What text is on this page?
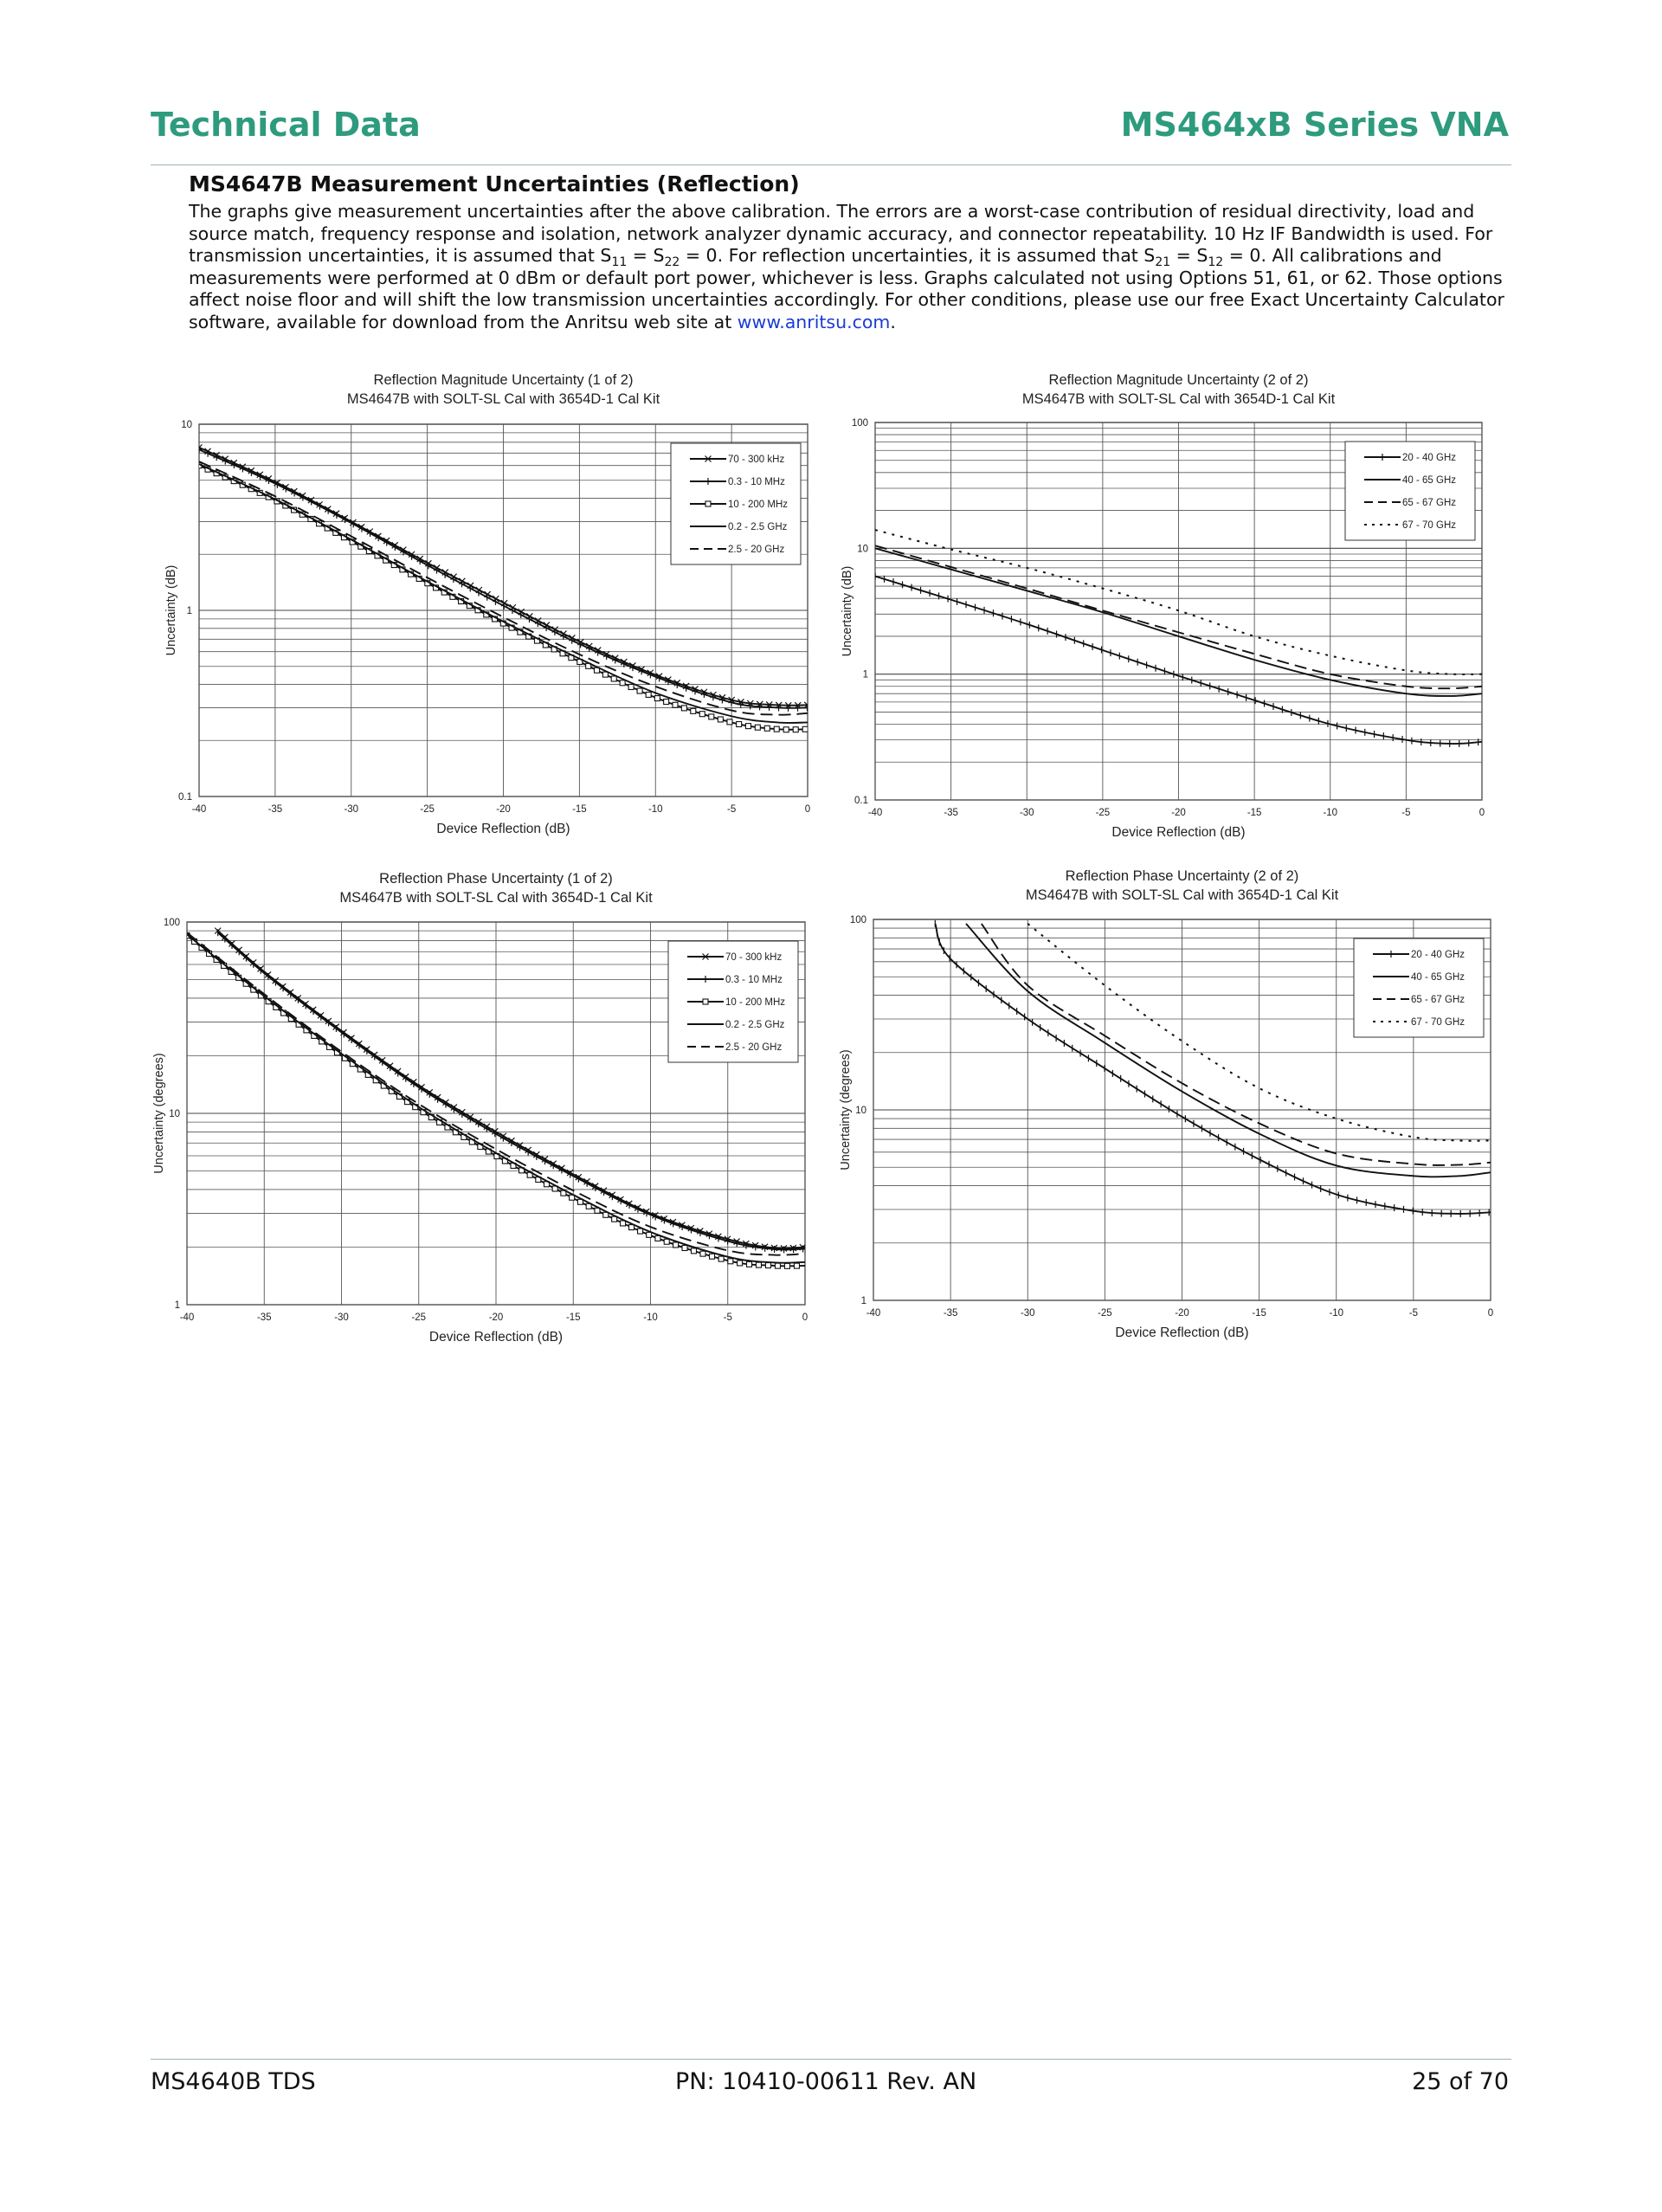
Technical Data	MS464xB Series VNA
MS4647B Measurement Uncertainties (Reflection)
The graphs give measurement uncertainties after the above calibration. The errors are a worst-case contribution of residual directivity, load and source match, frequency response and isolation, network analyzer dynamic accuracy, and connector repeatability. 10 Hz IF Bandwidth is used. For transmission uncertainties, it is assumed that $S_{11} = S_{22} = 0$. For reflection uncertainties, it is assumed that $S_{21} = S_{12} = 0$. All calibrations and measurements were performed at 0 dBm or default port power, whichever is less. Graphs calculated not using Options 51, 61, or 62. Those options affect noise floor and will shift the low transmission uncertainties accordingly. For other conditions, please use our free Exact Uncertainty Calculator software, available for download from the Anritsu web site at www.anritsu.com.
Reflection Magnitude Uncertainty (1 of 2)
MS4647B with SOLT-SL Cal with 3654D-1 Cal Kit
-40	-35	-30	-25	-20	-15	-10	-5	0
0.1
1
10
Device Reflection (dB)
Uncertainty (dB)
70 - 300 kHz
0.3 - 10 MHz
10 - 200 MHz
0.2 - 2.5 GHz
2.5 - 20 GHz
Reflection Magnitude Uncertainty (2 of 2)
MS4647B with SOLT-SL Cal with 3654D-1 Cal Kit
-40	-35	-30	-25	-20	-15	-10	-5	0
0.1
1
10
100
Device Reflection (dB)
Uncertainty (dB)
20 - 40 GHz
40 - 65 GHz
65 - 67 GHz
67 - 70 GHz
Reflection Phase Uncertainty (1 of 2)
MS4647B with SOLT-SL Cal with 3654D-1 Cal Kit
-40	-35	-30	-25	-20	-15	-10	-5	0
1
10
100
Device Reflection (dB)
Uncertainty (degrees)
70 - 300 kHz
0.3 - 10 MHz
10 - 200 MHz
0.2 - 2.5 GHz
2.5 - 20 GHz
Reflection Phase Uncertainty (2 of 2)
MS4647B with SOLT-SL Cal with 3654D-1 Cal Kit
-40	-35	-30	-25	-20	-15	-10	-5	0
1
10
100
Device Reflection (dB)
Uncertainty (degrees)
20 - 40 GHz
40 - 65 GHz
65 - 67 GHz
67 - 70 GHz
MS4640B TDS	PN: 10410-00611 Rev. AN	25 of 70
